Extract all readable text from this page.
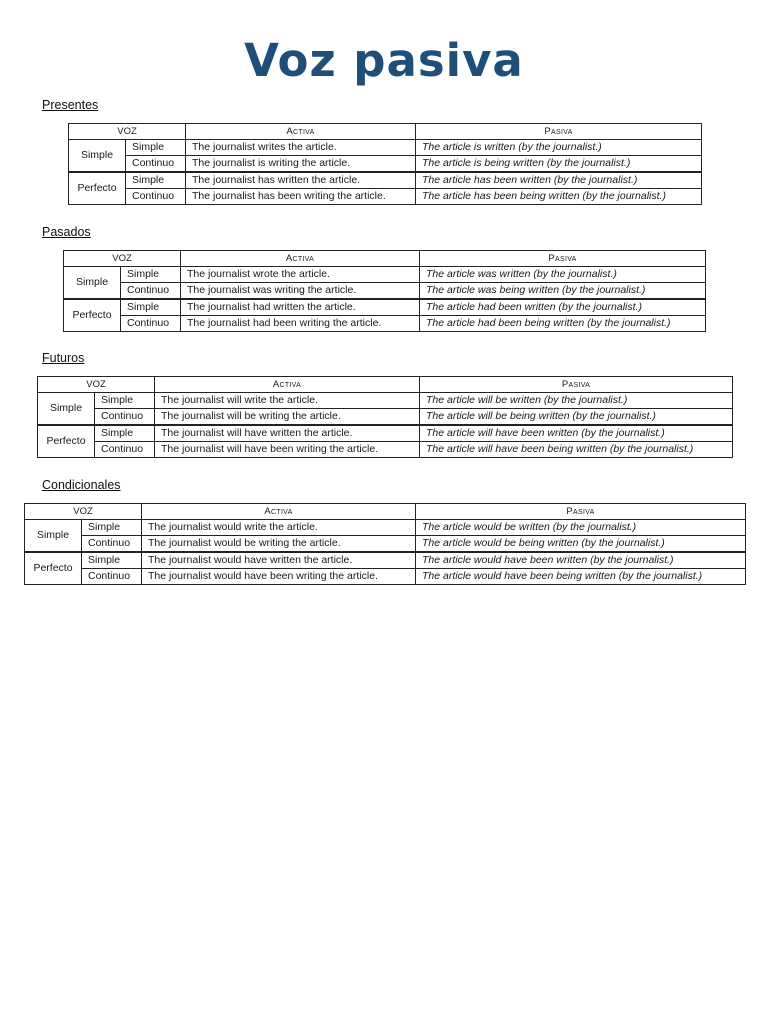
Voz pasiva
Presentes
VOZ		Activa	Pasiva
Simple	Simple	The journalist writes the article.	The article is written (by the journalist.)
	Continuo	The journalist is writing the article.	The article is being written (by the journalist.)
Perfecto	Simple	The journalist has written the article.	The article has been written (by the journalist.)
	Continuo	The journalist has been writing the article.	The article has been being written (by the journalist.)
Pasados
VOZ		Activa	Pasiva
Simple	Simple	The journalist wrote the article.	The article was written (by the journalist.)
	Continuo	The journalist was writing the article.	The article was being written (by the journalist.)
Perfecto	Simple	The journalist had written the article.	The article had been written (by the journalist.)
	Continuo	The journalist had been writing the article.	The article had been being written (by the journalist.)
Futuros
VOZ		Activa	Pasiva
Simple	Simple	The journalist will write the article.	The article will be written (by the journalist.)
	Continuo	The journalist will be writing the article.	The article will be being written (by the journalist.)
Perfecto	Simple	The journalist will have written the article.	The article will have been written (by the journalist.)
	Continuo	The journalist will have been writing the article.	The article will have been being written (by the journalist.)
Condicionales
VOZ		Activa	Pasiva
Simple	Simple	The journalist would write the article.	The article would be written (by the journalist.)
	Continuo	The journalist would be writing the article.	The article would be being written (by the journalist.)
Perfecto	Simple	The journalist would have written the article.	The article would have been written (by the journalist.)
	Continuo	The journalist would have been writing the article.	The article would have been being written (by the journalist.)
